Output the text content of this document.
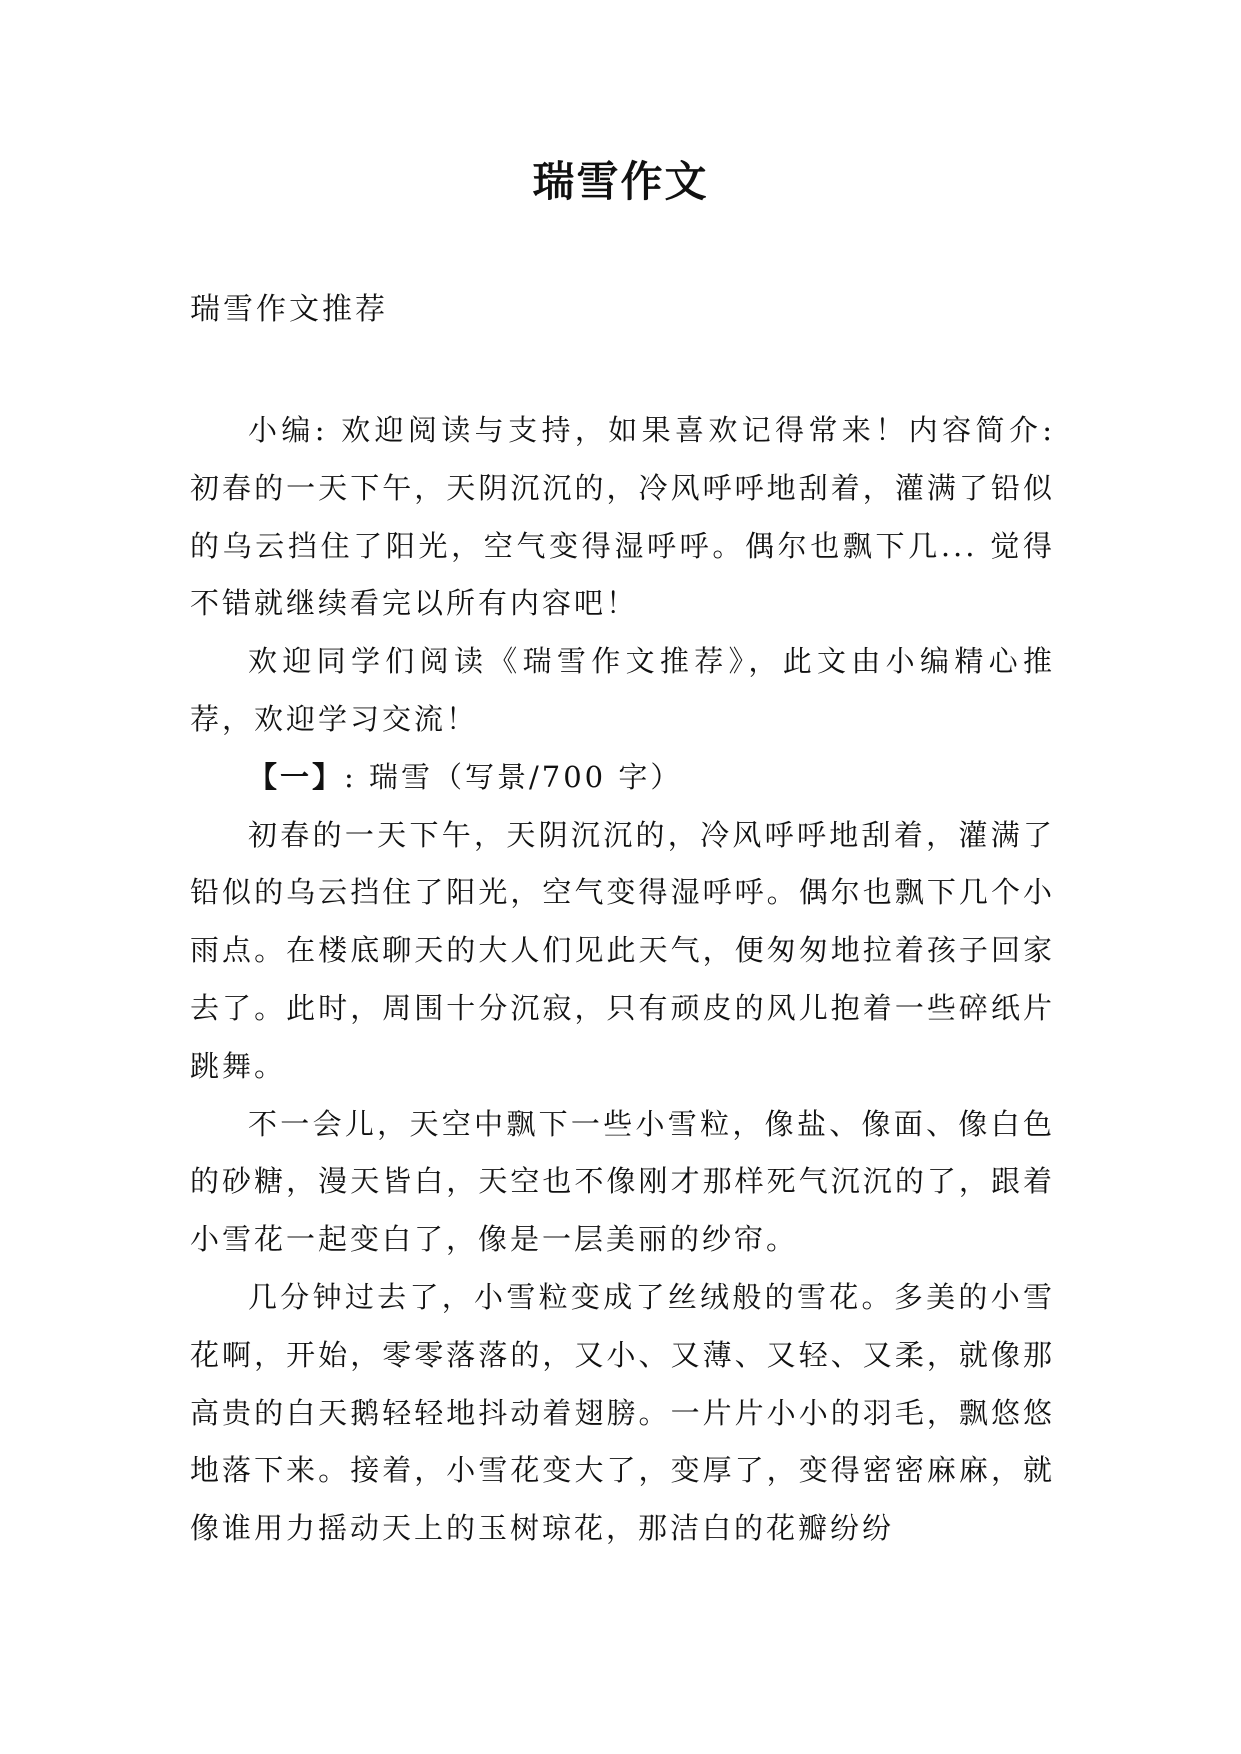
瑞雪作文

瑞雪作文推荐

小编: 欢迎阅读与支持，如果喜欢记得常来！内容简介: 初春的一天下午，天阴沉沉的，冷风呼呼地刮着，灌满了铅似的乌云挡住了阳光，空气变得湿呼呼。偶尔也飘下几... 觉得不错就继续看完以所有内容吧！

欢迎同学们阅读《瑞雪作文推荐》，此文由小编精心推荐，欢迎学习交流！

【一】: 瑞雪（写景/700 字）

初春的一天下午，天阴沉沉的，冷风呼呼地刮着，灌满了铅似的乌云挡住了阳光，空气变得湿呼呼。偶尔也飘下几个小雨点。在楼底聊天的大人们见此天气，便匆匆地拉着孩子回家去了。此时，周围十分沉寂，只有顽皮的风儿抱着一些碎纸片跳舞。

不一会儿，天空中飘下一些小雪粒，像盐、像面、像白色的砂糖，漫天皆白，天空也不像刚才那样死气沉沉的了，跟着小雪花一起变白了，像是一层美丽的纱帘。

几分钟过去了，小雪粒变成了丝绒般的雪花。多美的小雪花啊，开始，零零落落的，又小、又薄、又轻、又柔，就像那高贵的白天鹅轻轻地抖动着翅膀。一片片小小的羽毛，飘悠悠地落下来。接着，小雪花变大了，变厚了，变得密密麻麻，就像谁用力摇动天上的玉树琼花，那洁白的花瓣纷纷
